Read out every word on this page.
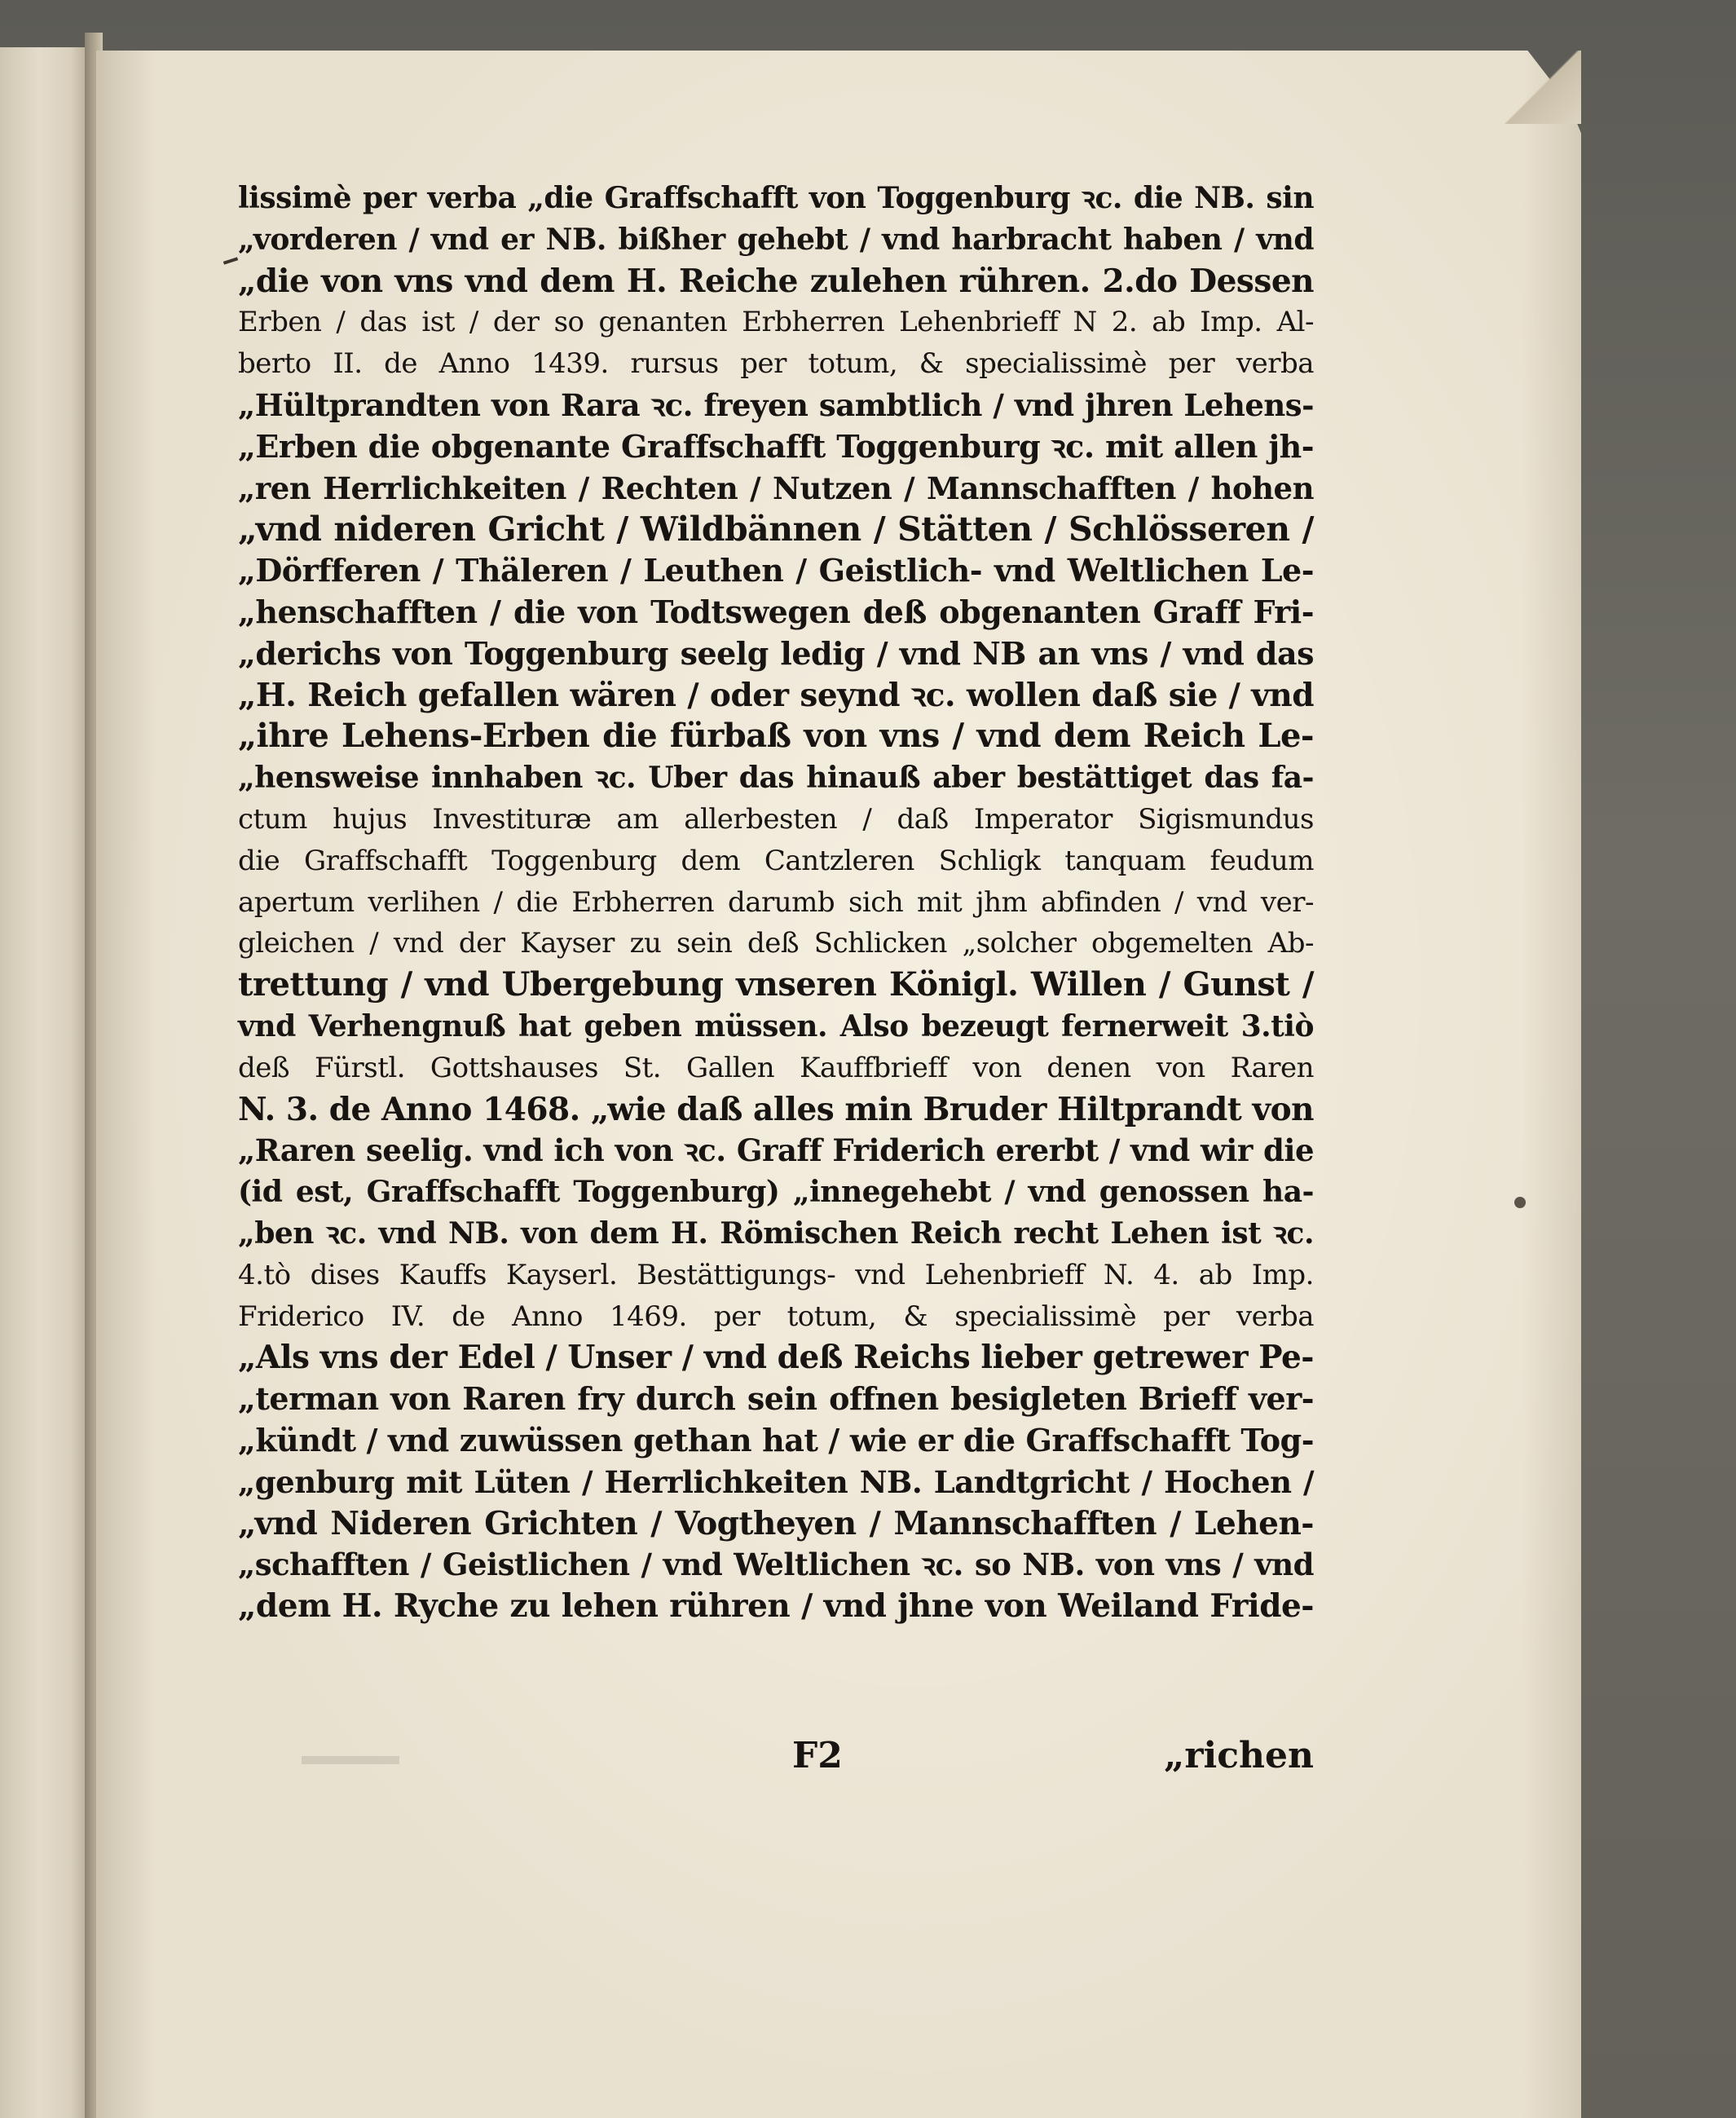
lissimè per verba „die Graffschafft von Toggenburg ꝛc. die NB. sin
„vorderen / vnd er NB. bißher gehebt / vnd harbracht haben / vnd
„die von vns vnd dem H. Reiche zulehen rühren. 2.do Dessen
Erben / das ist / der so genanten Erbherren Lehenbrieff N 2. ab Imp. Al-
berto II. de Anno 1439. rursus per totum, & specialissimè per verba
„Hültprandten von Rara ꝛc. freyen sambtlich / vnd jhren Lehens-
„Erben die obgenante Graffschafft Toggenburg ꝛc. mit allen jh-
„ren Herrlichkeiten / Rechten / Nutzen / Mannschafften / hohen
„vnd nideren Gricht / Wildbännen / Stätten / Schlösseren /
„Dörfferen / Thäleren / Leuthen / Geistlich- vnd Weltlichen Le-
„henschafften / die von Todtswegen deß obgenanten Graff Fri-
„derichs von Toggenburg seelg ledig / vnd NB an vns / vnd das
„H. Reich gefallen wären / oder seynd ꝛc. wollen daß sie / vnd
„ihre Lehens-Erben die fürbaß von vns / vnd dem Reich Le-
„hensweise innhaben ꝛc. Uber das hinauß aber bestättiget das fa-
ctum hujus Investituræ am allerbesten / daß Imperator Sigismundus
die Graffschafft Toggenburg dem Cantzleren Schligk tanquam feudum
apertum verlihen / die Erbherren darumb sich mit jhm abfinden / vnd ver-
gleichen / vnd der Kayser zu sein deß Schlicken „solcher obgemelten Ab-
trettung / vnd Ubergebung vnseren Königl. Willen / Gunst /
vnd Verhengnuß hat geben müssen. Also bezeugt fernerweit 3.tiò
deß Fürstl. Gottshauses St. Gallen Kauffbrieff von denen von Raren
N. 3. de Anno 1468. „wie daß alles min Bruder Hiltprandt von
„Raren seelig. vnd ich von ꝛc. Graff Friderich ererbt / vnd wir die
(id est, Graffschafft Toggenburg) „innegehebt / vnd genossen ha-
„ben ꝛc. vnd NB. von dem H. Römischen Reich recht Lehen ist ꝛc.
4.tò dises Kauffs Kayserl. Bestättigungs- vnd Lehenbrieff N. 4. ab Imp.
Friderico IV. de Anno 1469. per totum, & specialissimè per verba
„Als vns der Edel / Unser / vnd deß Reichs lieber getrewer Pe-
„terman von Raren fry durch sein offnen besigleten Brieff ver-
„kündt / vnd zuwüssen gethan hat / wie er die Graffschafft Tog-
„genburg mit Lüten / Herrlichkeiten NB. Landtgricht / Hochen /
„vnd Nideren Grichten / Vogtheyen / Mannschafften / Lehen-
„schafften / Geistlichen / vnd Weltlichen ꝛc. so NB. von vns / vnd
„dem H. Ryche zu lehen rühren / vnd jhne von Weiland Fride-
F2	„richen
